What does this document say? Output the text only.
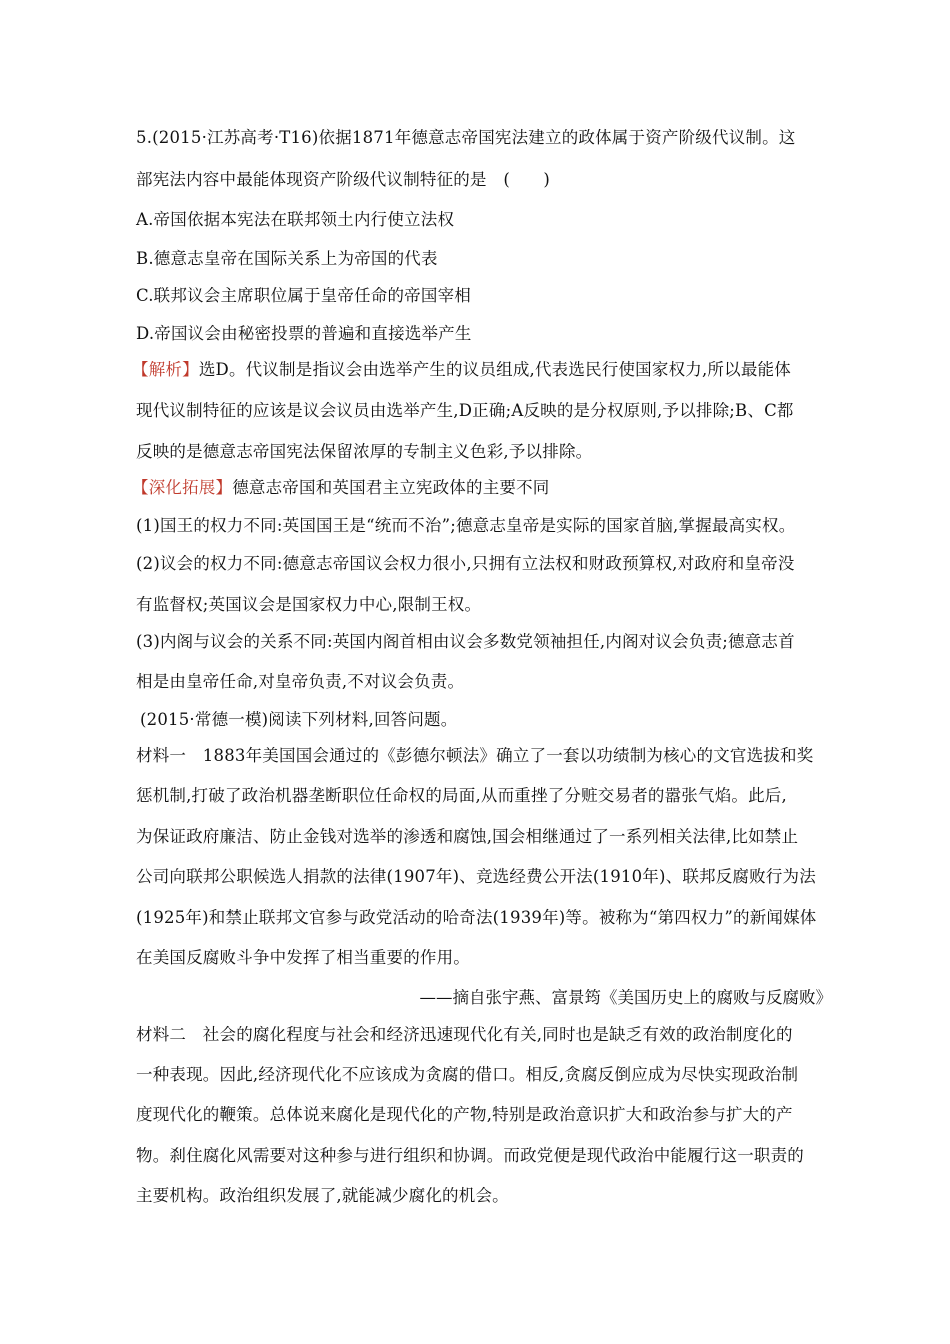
5.(2015·江苏高考·T16)依据1871年德意志帝国宪法建立的政体属于资产阶级代议制。这
部宪法内容中最能体现资产阶级代议制特征的是　(　　)
A.帝国依据本宪法在联邦领土内行使立法权
B.德意志皇帝在国际关系上为帝国的代表
C.联邦议会主席职位属于皇帝任命的帝国宰相
D.帝国议会由秘密投票的普遍和直接选举产生
【解析】选D。代议制是指议会由选举产生的议员组成,代表选民行使国家权力,所以最能体
现代议制特征的应该是议会议员由选举产生,D正确;A反映的是分权原则,予以排除;B、C都
反映的是德意志帝国宪法保留浓厚的专制主义色彩,予以排除。
【深化拓展】德意志帝国和英国君主立宪政体的主要不同
(1)国王的权力不同:英国国王是“统而不治”;德意志皇帝是实际的国家首脑,掌握最高实权。
(2)议会的权力不同:德意志帝国议会权力很小,只拥有立法权和财政预算权,对政府和皇帝没
有监督权;英国议会是国家权力中心,限制王权。
(3)内阁与议会的关系不同:英国内阁首相由议会多数党领袖担任,内阁对议会负责;德意志首
相是由皇帝任命,对皇帝负责,不对议会负责。
(2015·常德一模)阅读下列材料,回答问题。
材料一　1883年美国国会通过的《彭德尔顿法》确立了一套以功绩制为核心的文官选拔和奖
惩机制,打破了政治机器垄断职位任命权的局面,从而重挫了分赃交易者的嚣张气焰。此后,
为保证政府廉洁、防止金钱对选举的渗透和腐蚀,国会相继通过了一系列相关法律,比如禁止
公司向联邦公职候选人捐款的法律(1907年)、竞选经费公开法(1910年)、联邦反腐败行为法
(1925年)和禁止联邦文官参与政党活动的哈奇法(1939年)等。被称为“第四权力”的新闻媒体
在美国反腐败斗争中发挥了相当重要的作用。
——摘自张宇燕、富景筠《美国历史上的腐败与反腐败》
材料二　社会的腐化程度与社会和经济迅速现代化有关,同时也是缺乏有效的政治制度化的
一种表现。因此,经济现代化不应该成为贪腐的借口。相反,贪腐反倒应成为尽快实现政治制
度现代化的鞭策。总体说来腐化是现代化的产物,特别是政治意识扩大和政治参与扩大的产
物。刹住腐化风需要对这种参与进行组织和协调。而政党便是现代政治中能履行这一职责的
主要机构。政治组织发展了,就能减少腐化的机会。
